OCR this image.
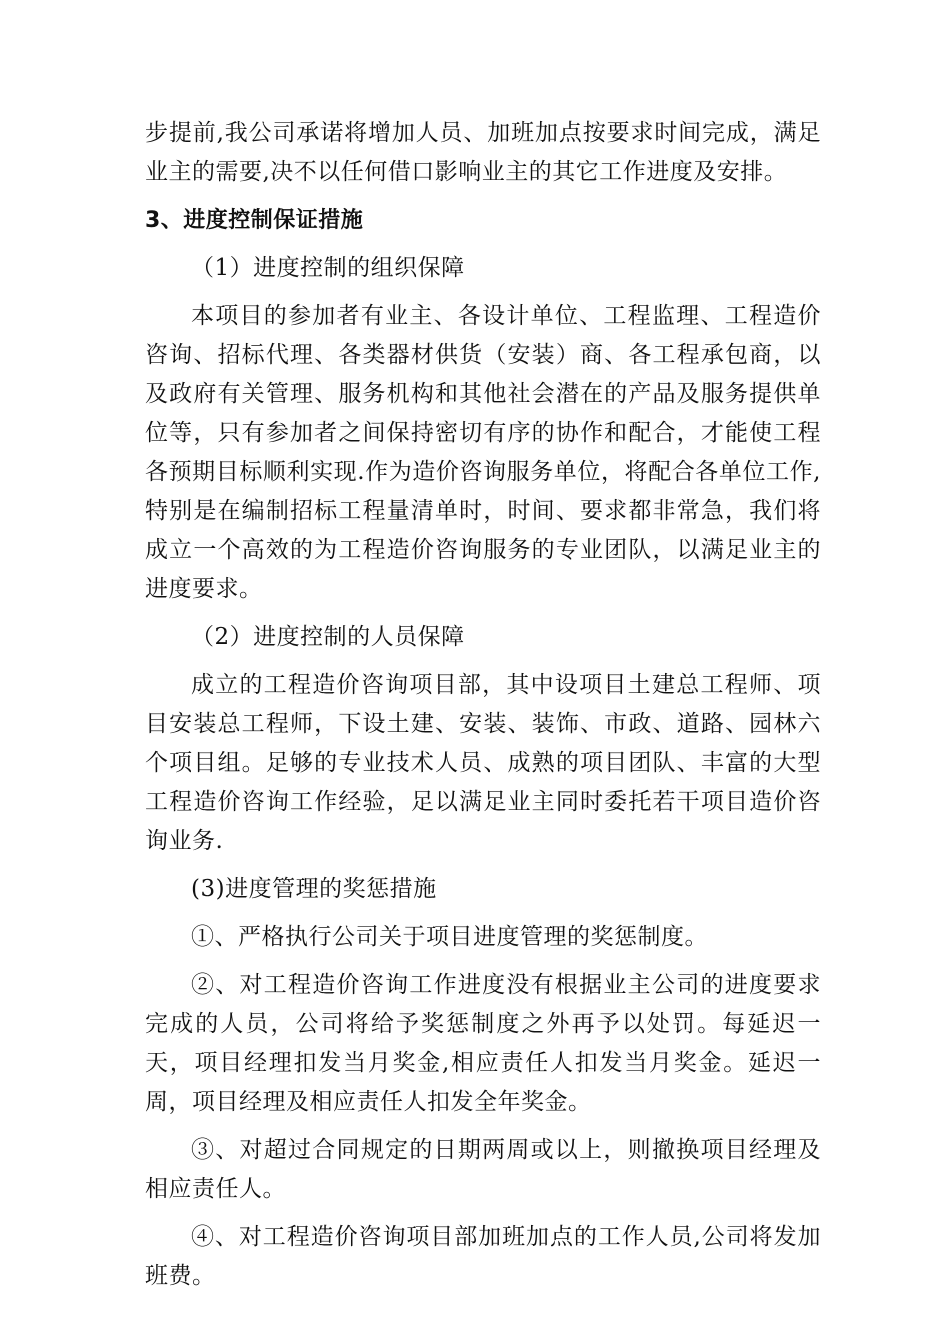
步提前,我公司承诺将增加人员、加班加点按要求时间完成，满足业主的需要,决不以任何借口影响业主的其它工作进度及安排。

3、进度控制保证措施

（1）进度控制的组织保障

本项目的参加者有业主、各设计单位、工程监理、工程造价咨询、招标代理、各类器材供货（安装）商、各工程承包商，以及政府有关管理、服务机构和其他社会潜在的产品及服务提供单位等，只有参加者之间保持密切有序的协作和配合，才能使工程各预期目标顺利实现.作为造价咨询服务单位，将配合各单位工作,特别是在编制招标工程量清单时，时间、要求都非常急，我们将成立一个高效的为工程造价咨询服务的专业团队，以满足业主的进度要求。

（2）进度控制的人员保障

成立的工程造价咨询项目部，其中设项目土建总工程师、项目安装总工程师，下设土建、安装、装饰、市政、道路、园林六个项目组。足够的专业技术人员、成熟的项目团队、丰富的大型工程造价咨询工作经验，足以满足业主同时委托若干项目造价咨询业务.

(3)进度管理的奖惩措施

①、严格执行公司关于项目进度管理的奖惩制度。

②、对工程造价咨询工作进度没有根据业主公司的进度要求完成的人员，公司将给予奖惩制度之外再予以处罚。每延迟一天，项目经理扣发当月奖金,相应责任人扣发当月奖金。延迟一周，项目经理及相应责任人扣发全年奖金。

③、对超过合同规定的日期两周或以上，则撤换项目经理及相应责任人。

④、对工程造价咨询项目部加班加点的工作人员,公司将发加班费。
